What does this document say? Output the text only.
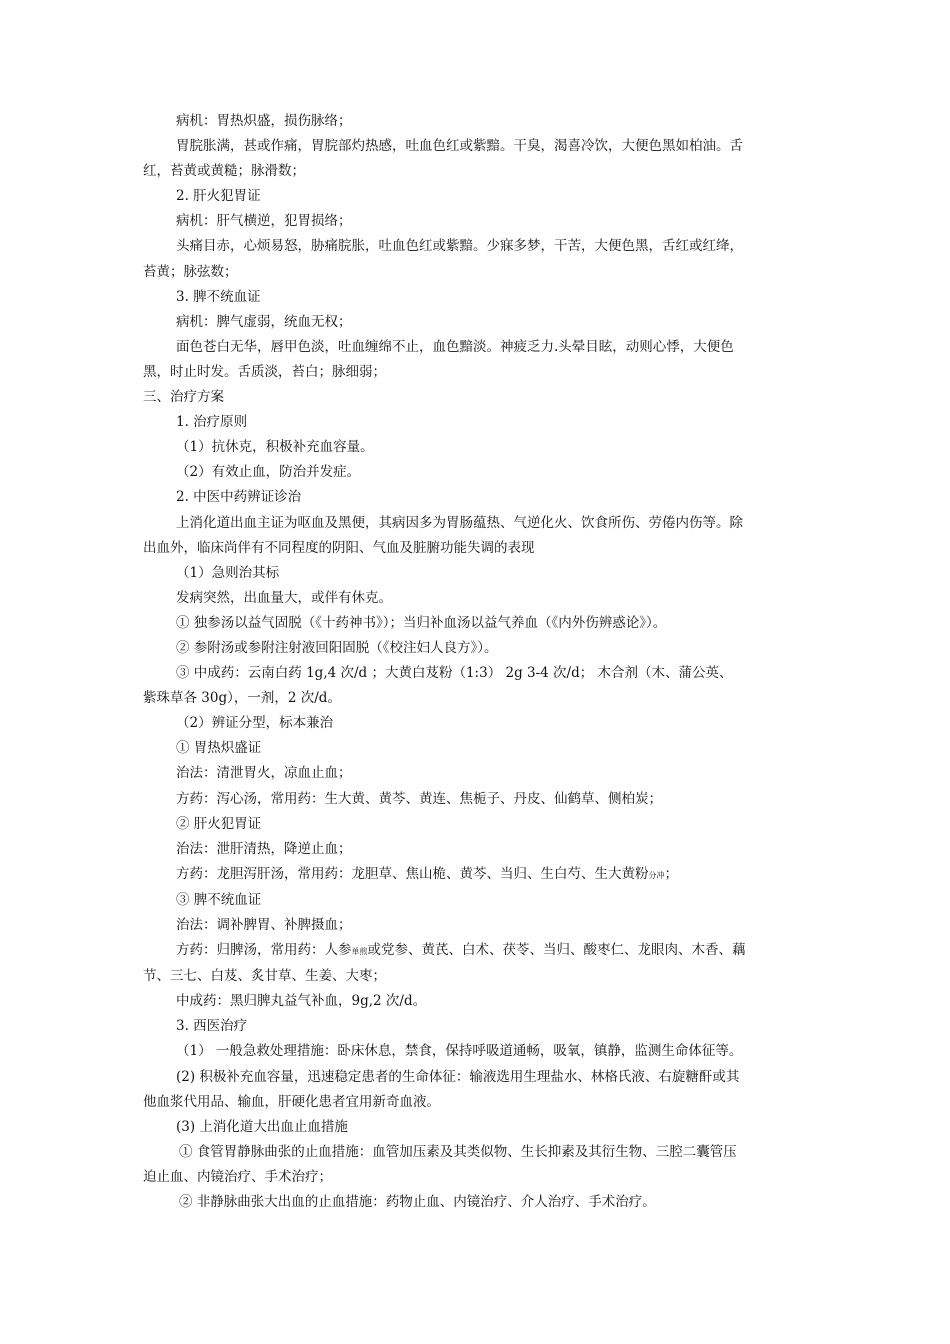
病机：胃热炽盛，损伤脉络；
胃脘胀满，甚或作痛，胃脘部灼热感，吐血色红或紫黯。干臭，渴喜冷饮，大便色黑如柏油。舌
红，苔黄或黄糙；脉滑数；
2. 肝火犯胃证
病机：肝气横逆，犯胃损络；
头痛目赤，心烦易怒，胁痛脘胀，吐血色红或紫黯。少寐多梦，干苦，大便色黑，舌红或红绛，
苔黄；脉弦数；
3. 脾不统血证
病机：脾气虚弱，统血无权；
面色苍白无华，唇甲色淡，吐血缠绵不止，血色黯淡。神疲乏力.头晕目眩，动则心悸，大便色
黑，时止时发。舌质淡，苔白；脉细弱；
三、治疗方案
1. 治疗原则
（1）抗休克，积极补充血容量。
（2）有效止血，防治并发症。
2. 中医中药辨证诊治
上消化道出血主证为呕血及黑便，其病因多为胃肠蕴热、气逆化火、饮食所伤、劳倦内伤等。除
出血外，临床尚伴有不同程度的阴阳、气血及脏腑功能失调的表现
（1）急则治其标
发病突然，出血量大，或伴有休克。
① 独参汤以益气固脱（《十药神书》）；当归补血汤以益气养血（《内外伤辨惑论》）。
② 参附汤或参附注射液回阳固脱（《校注妇人良方》）。
③ 中成药：云南白药 1g,4 次/d ；大黄白芨粉（1:3） 2g 3-4 次/d； 木合剂（木、蒲公英、
紫珠草各 30g），一剂，2 次/d。
（2）辨证分型，标本兼治
① 胃热炽盛证
治法：清泄胃火，凉血止血；
方药：泻心汤，常用药：生大黄、黄芩、黄连、焦栀子、丹皮、仙鹤草、侧柏炭；
② 肝火犯胃证
治法：泄肝清热，降逆止血；
方药：龙胆泻肝汤，常用药：龙胆草、焦山桅、黄芩、当归、生白芍、生大黄粉分冲；
③ 脾不统血证
治法：调补脾胃、补脾摄血；
方药：归脾汤，常用药：人参单煎或党参、黄芪、白术、茯苓、当归、酸枣仁、龙眼肉、木香、藕
节、三七、白芨、炙甘草、生姜、大枣；
中成药：黑归脾丸益气补血，9g,2 次/d。
3. 西医治疗
（1） 一般急救处理措施：卧床休息，禁食，保持呼吸道通畅，吸氧，镇静，监测生命体征等。
(2) 积极补充血容量，迅速稳定患者的生命体征：输液选用生理盐水、林格氏液、右旋糖酐或其
他血浆代用品、输血，肝硬化患者宜用新奇血液。
(3) 上消化道大出血止血措施
① 食管胃静脉曲张的止血措施：血管加压素及其类似物、生长抑素及其衍生物、三腔二囊管压
迫止血、内镜治疗、手术治疗；
② 非静脉曲张大出血的止血措施：药物止血、内镜治疗、介人治疗、手术治疗。
